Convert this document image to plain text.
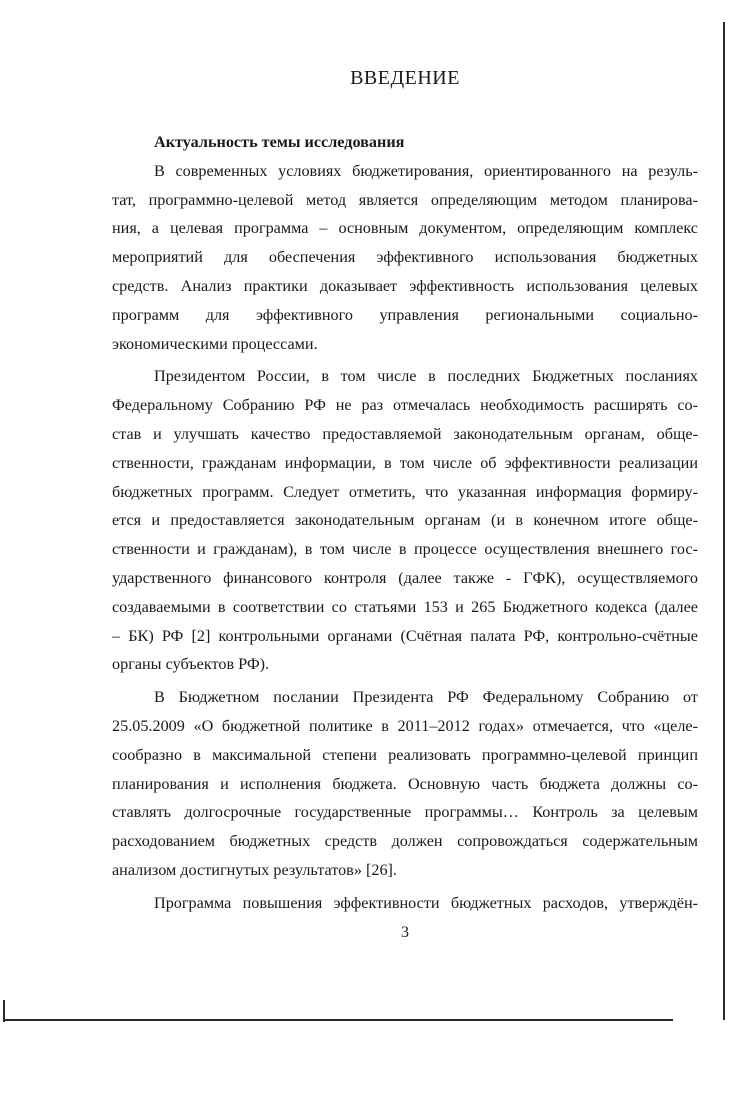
ВВЕДЕНИЕ
Актуальность темы исследования
В современных условиях бюджетирования, ориентированного на резуль-
тат, программно-целевой метод является определяющим методом планирова-
ния, а целевая программа – основным документом, определяющим комплекс
мероприятий для обеспечения эффективного использования бюджетных
средств. Анализ практики доказывает эффективность использования целевых
программ для эффективного управления региональными социально-
экономическими процессами.
Президентом России, в том числе в последних Бюджетных посланиях
Федеральному Собранию РФ не раз отмечалась необходимость расширять со-
став и улучшать качество предоставляемой законодательным органам, обще-
ственности, гражданам информации, в том числе об эффективности реализации
бюджетных программ. Следует отметить, что указанная информация формиру-
ется и предоставляется законодательным органам (и в конечном итоге обще-
ственности и гражданам), в том числе в процессе осуществления внешнего гос-
ударственного финансового контроля (далее также - ГФК), осуществляемого
создаваемыми в соответствии со статьями 153 и 265 Бюджетного кодекса (далее
– БК) РФ [2] контрольными органами (Счётная палата РФ, контрольно-счётные
органы субъектов РФ).
В Бюджетном послании Президента РФ Федеральному Собранию от
25.05.2009 «О бюджетной политике в 2011–2012 годах» отмечается, что «целе-
сообразно в максимальной степени реализовать программно-целевой принцип
планирования и исполнения бюджета. Основную часть бюджета должны со-
ставлять долгосрочные государственные программы… Контроль за целевым
расходованием бюджетных средств должен сопровождаться содержательным
анализом достигнутых результатов» [26].
Программа повышения эффективности бюджетных расходов, утверждён-
3
